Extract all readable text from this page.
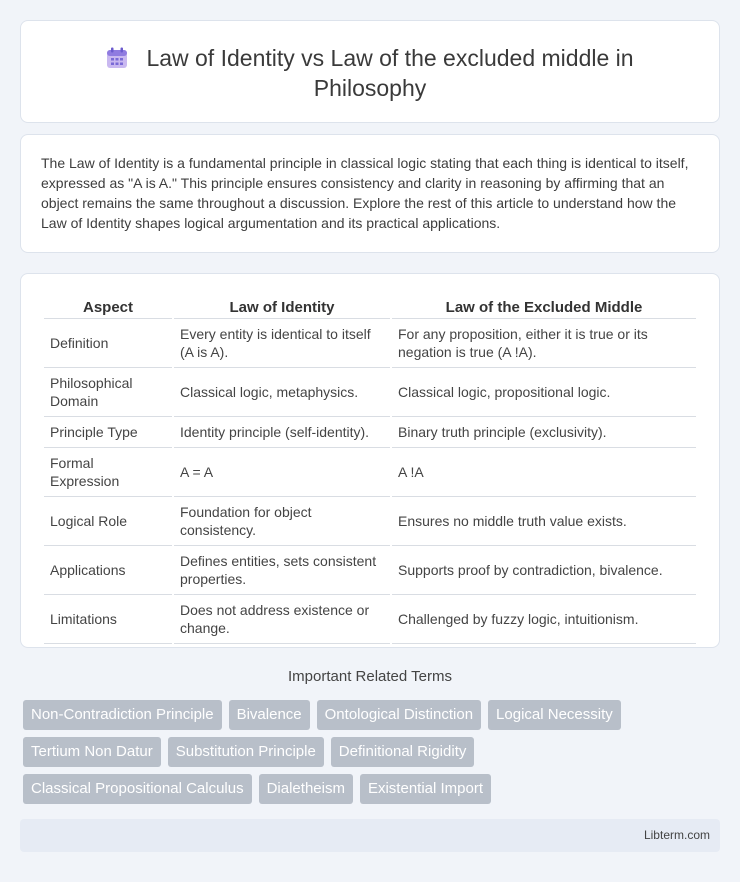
Law of Identity vs Law of the excluded middle in Philosophy

The Law of Identity is a fundamental principle in classical logic stating that each thing is identical to itself, expressed as "A is A." This principle ensures consistency and clarity in reasoning by affirming that an object remains the same throughout a discussion. Explore the rest of this article to understand how the Law of Identity shapes logical argumentation and its practical applications.

Aspect	Law of Identity	Law of the Excluded Middle
Definition	Every entity is identical to itself (A is A).	For any proposition, either it is true or its negation is true (A !A).
Philosophical Domain	Classical logic, metaphysics.	Classical logic, propositional logic.
Principle Type	Identity principle (self-identity).	Binary truth principle (exclusivity).
Formal Expression	A = A	A !A
Logical Role	Foundation for object consistency.	Ensures no middle truth value exists.
Applications	Defines entities, sets consistent properties.	Supports proof by contradiction, bivalence.
Limitations	Does not address existence or change.	Challenged by fuzzy logic, intuitionism.
Important Related Terms
Non-Contradiction Principle	Bivalence	Ontological Distinction	Logical Necessity
Tertium Non Datur	Substitution Principle	Definitional Rigidity
Classical Propositional Calculus	Dialetheism	Existential Import
Libterm.com
